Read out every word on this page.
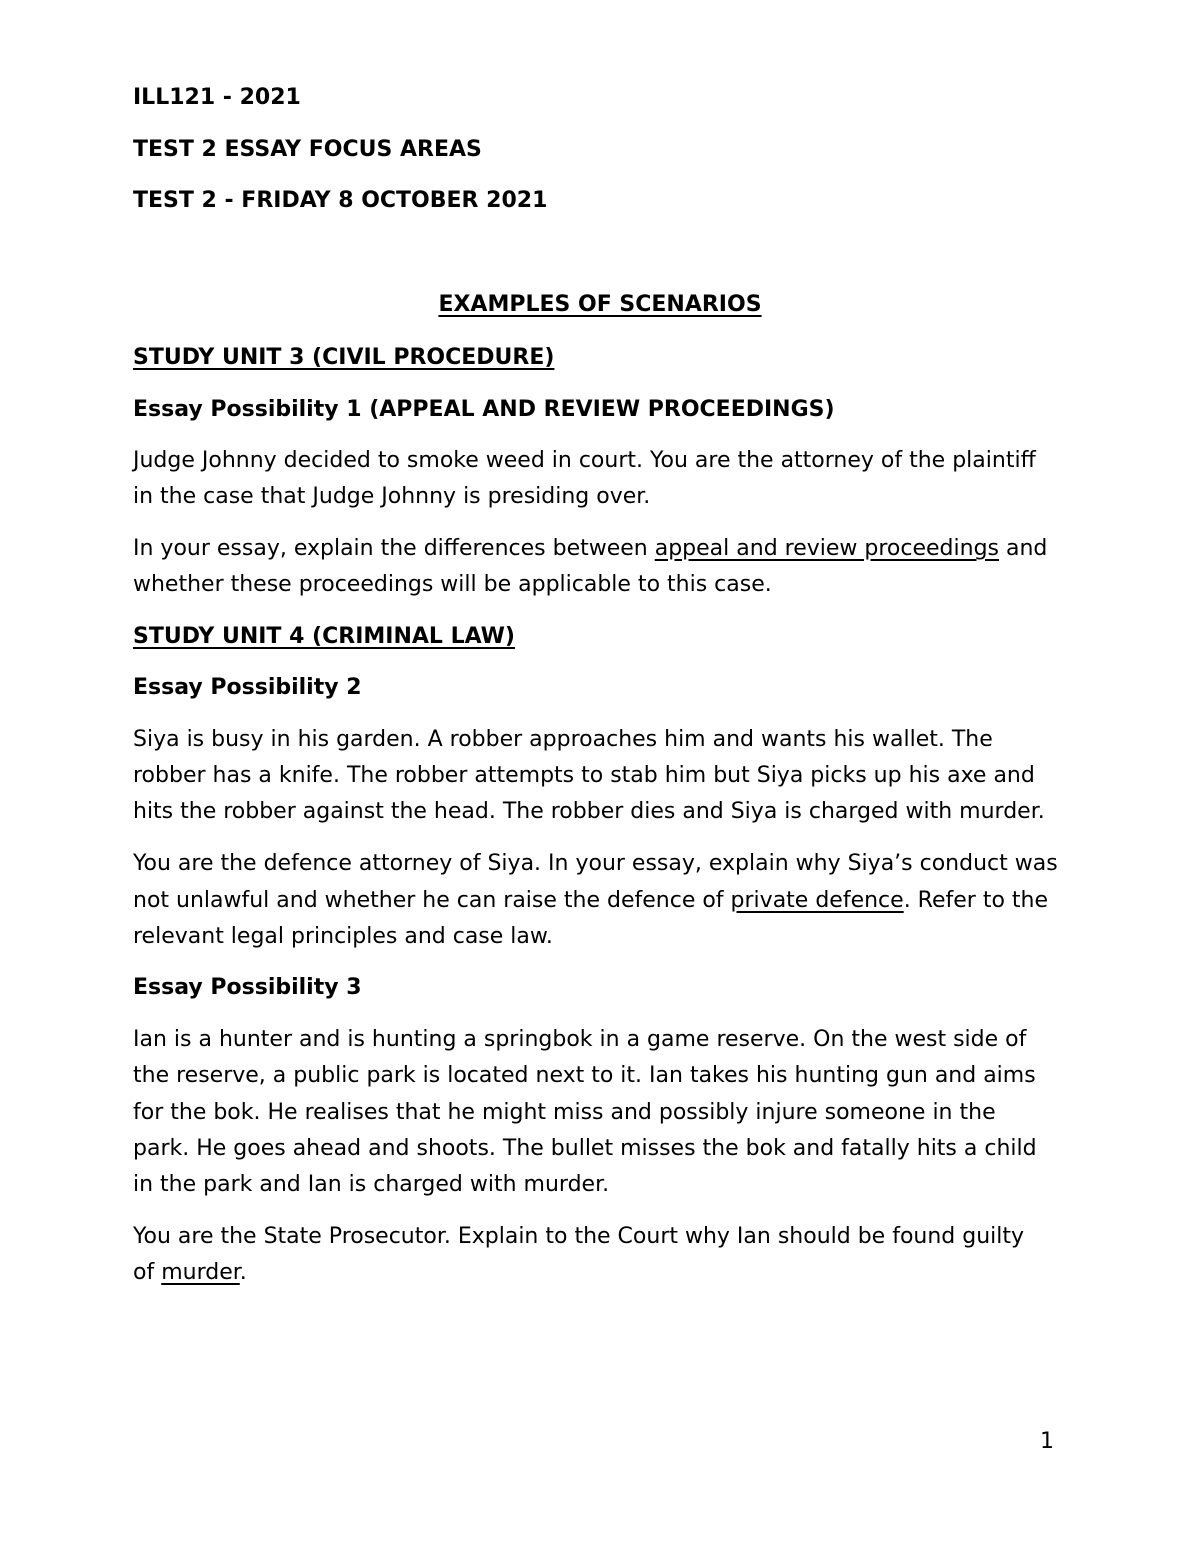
ILL121 - 2021

TEST 2 ESSAY FOCUS AREAS

TEST 2 - FRIDAY 8 OCTOBER 2021

EXAMPLES OF SCENARIOS

STUDY UNIT 3 (CIVIL PROCEDURE)

Essay Possibility 1 (APPEAL AND REVIEW PROCEEDINGS)

Judge Johnny decided to smoke weed in court. You are the attorney of the plaintiff

in the case that Judge Johnny is presiding over.

In your essay, explain the differences between appeal and review proceedings and

whether these proceedings will be applicable to this case.

STUDY UNIT 4 (CRIMINAL LAW)

Essay Possibility 2

Siya is busy in his garden. A robber approaches him and wants his wallet. The

robber has a knife. The robber attempts to stab him but Siya picks up his axe and

hits the robber against the head. The robber dies and Siya is charged with murder.

You are the defence attorney of Siya. In your essay, explain why Siya’s conduct was

not unlawful and whether he can raise the defence of private defence. Refer to the

relevant legal principles and case law.

Essay Possibility 3

Ian is a hunter and is hunting a springbok in a game reserve. On the west side of

the reserve, a public park is located next to it. Ian takes his hunting gun and aims

for the bok. He realises that he might miss and possibly injure someone in the

park. He goes ahead and shoots. The bullet misses the bok and fatally hits a child

in the park and Ian is charged with murder.

You are the State Prosecutor. Explain to the Court why Ian should be found guilty

of murder.

1
